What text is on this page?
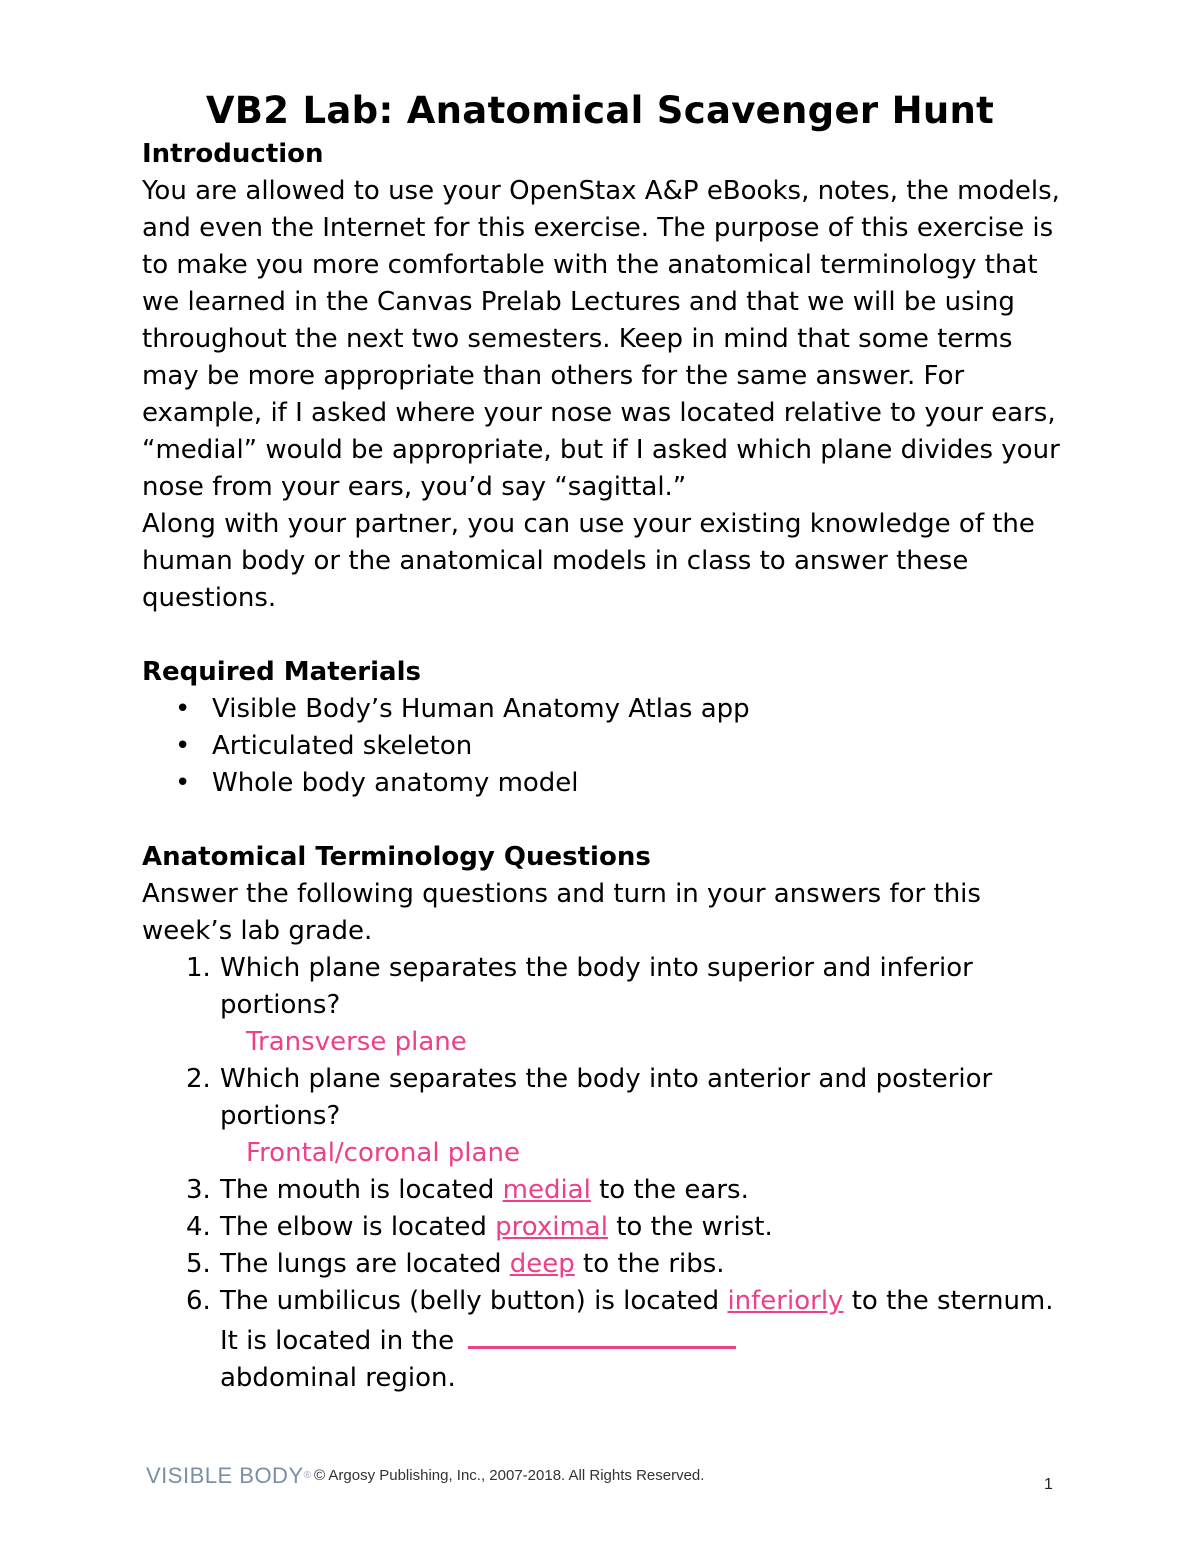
VB2 Lab: Anatomical Scavenger Hunt
Introduction

You are allowed to use your OpenStax A&P eBooks, notes, the models, and even the Internet for this exercise. The purpose of this exercise is to make you more comfortable with the anatomical terminology that we learned in the Canvas Prelab Lectures and that we will be using throughout the next two semesters. Keep in mind that some terms may be more appropriate than others for the same answer. For example, if I asked where your nose was located relative to your ears, “medial” would be appropriate, but if I asked which plane divides your nose from your ears, you’d say “sagittal.”

Along with your partner, you can use your existing knowledge of the human body or the anatomical models in class to answer these questions.

Required Materials
• Visible Body’s Human Anatomy Atlas app
• Articulated skeleton
• Whole body anatomy model
Anatomical Terminology Questions

Answer the following questions and turn in your answers for this week’s lab grade.

1. Which plane separates the body into superior and inferior portions?
Transverse plane
2. Which plane separates the body into anterior and posterior portions?
Frontal/coronal plane
3. The mouth is located medial to the ears.
4. The elbow is located proximal to the wrist.
5. The lungs are located deep to the ribs.
6. The umbilicus (belly button) is located inferiorly to the sternum. It is located in the
abdominal region.
VISIBLE BODY® © Argosy Publishing, Inc., 2007-2018. All Rights Reserved.
1
